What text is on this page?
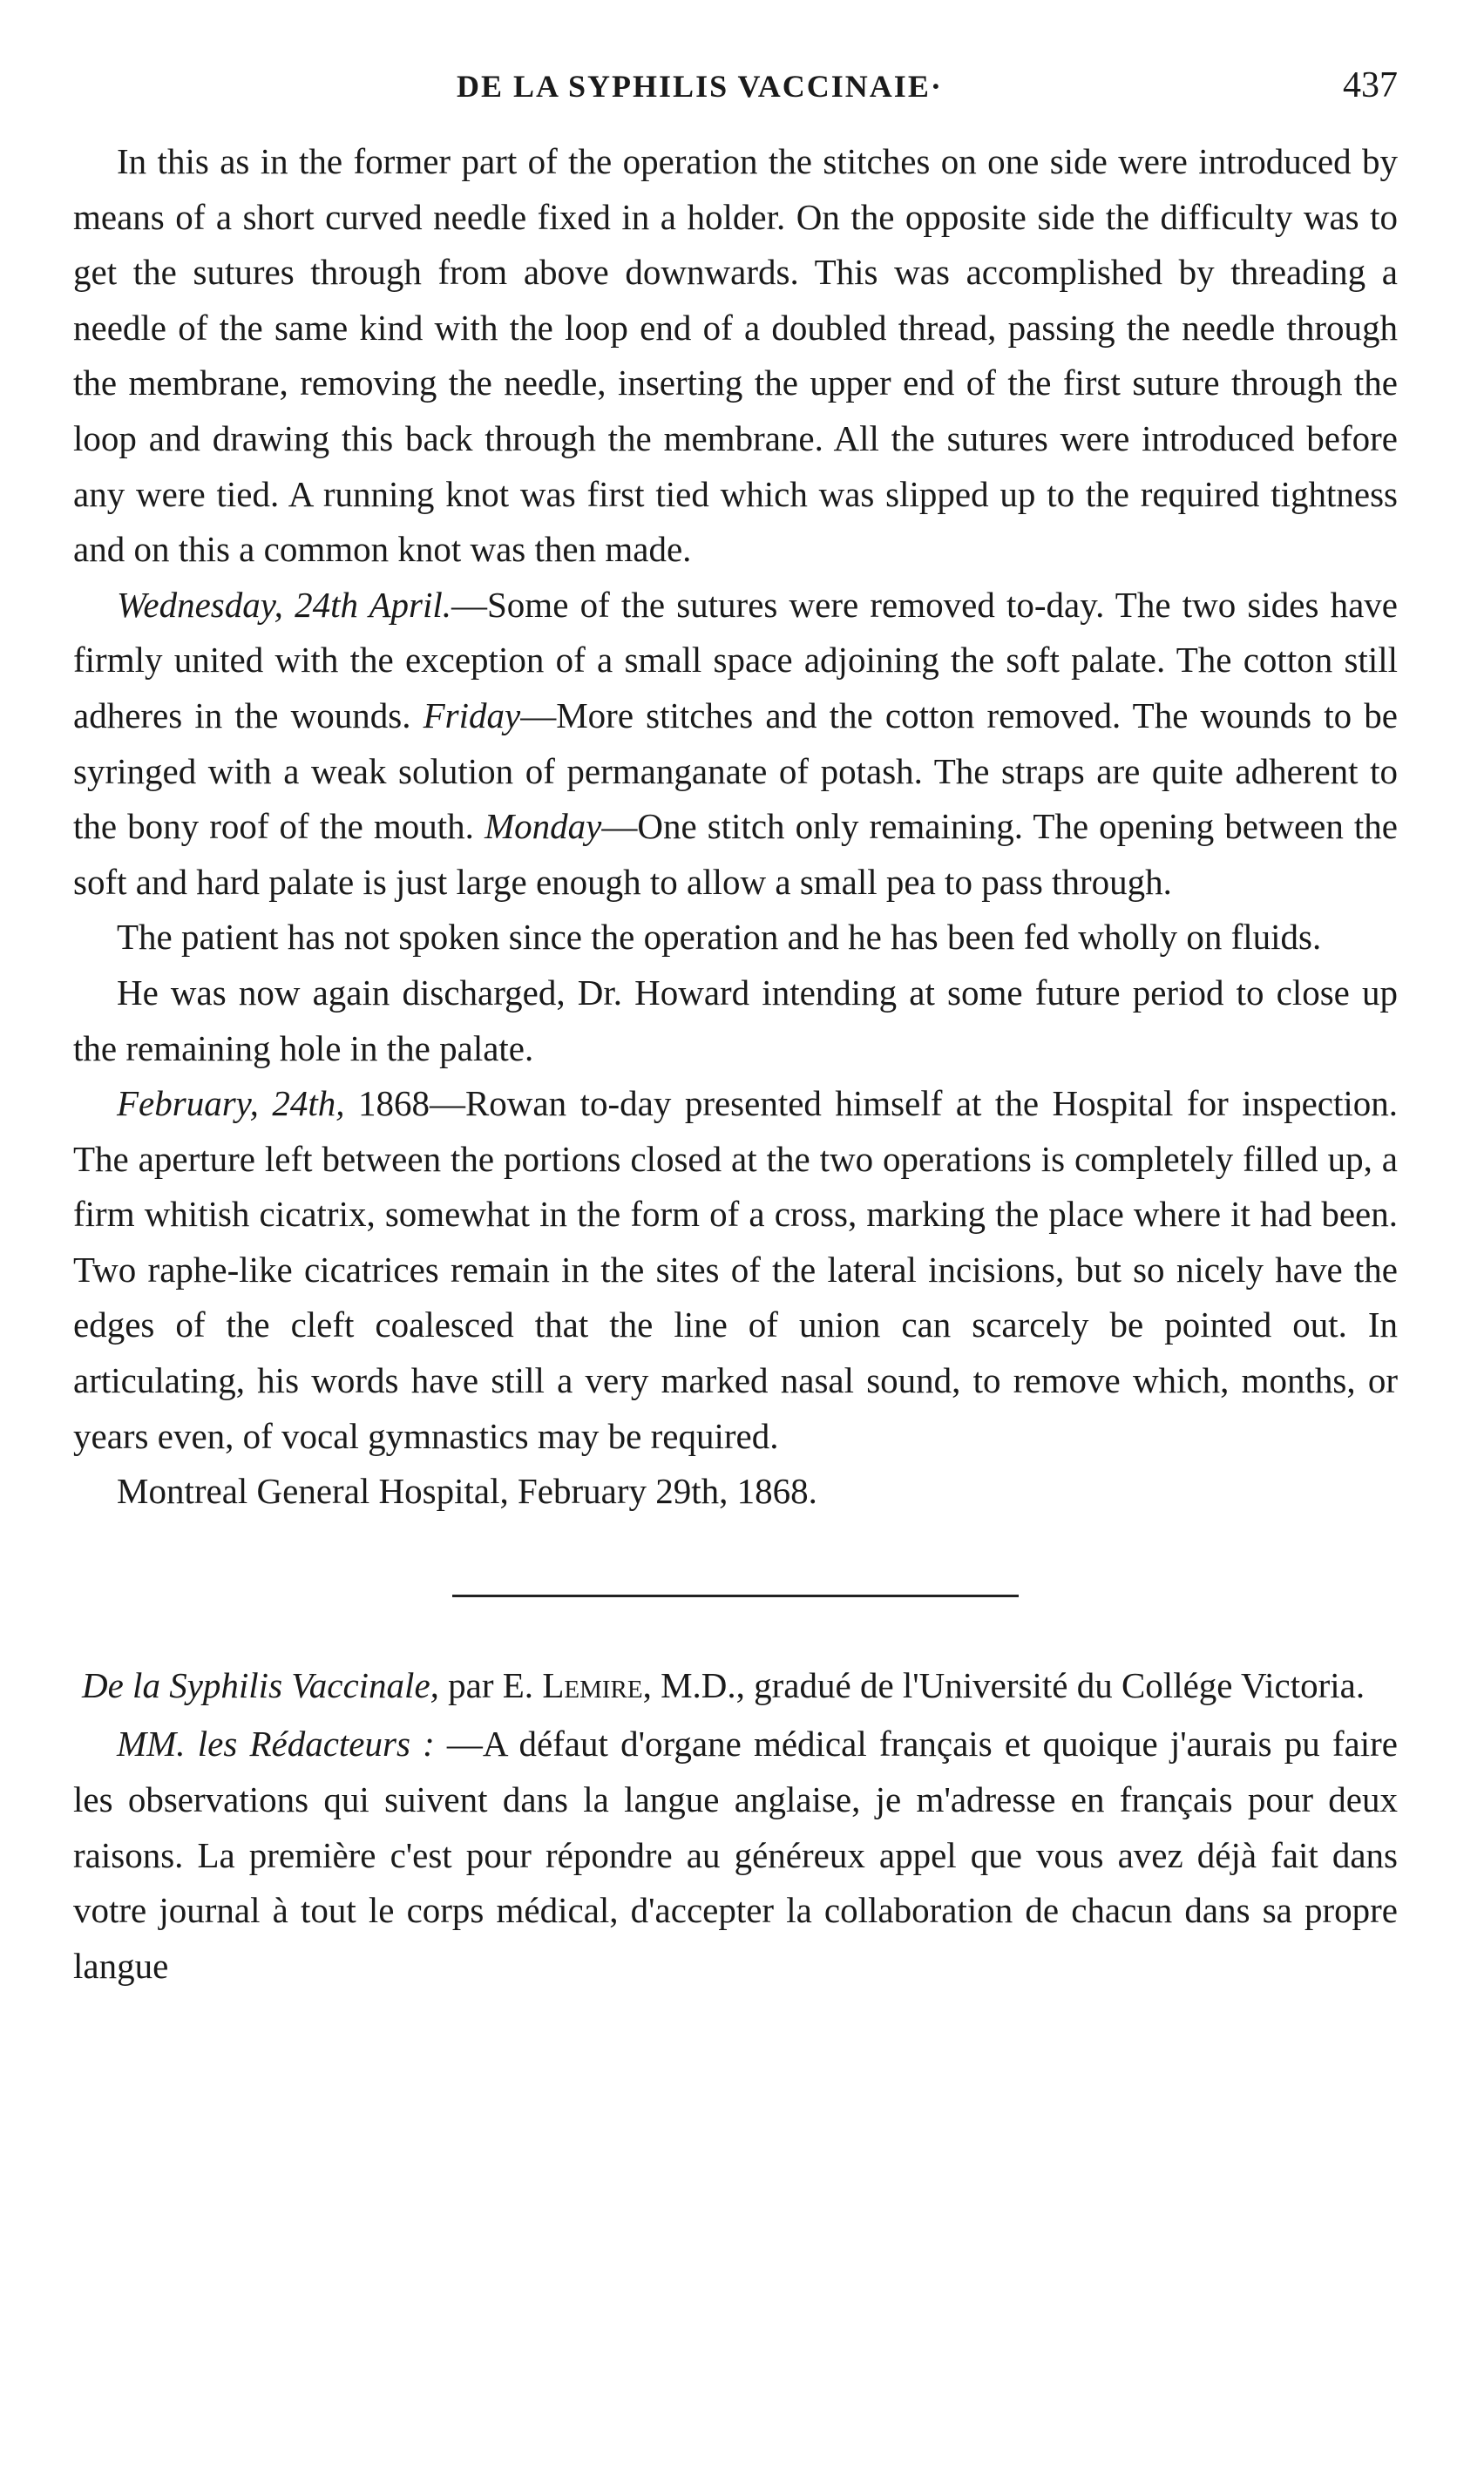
DE LA SYPHILIS VACCINAIE·	437

In this as in the former part of the operation the stitches on one side were introduced by means of a short curved needle fixed in a holder. On the opposite side the difficulty was to get the sutures through from above downwards. This was accomplished by threading a needle of the same kind with the loop end of a doubled thread, passing the needle through the membrane, removing the needle, inserting the upper end of the first suture through the loop and drawing this back through the membrane. All the sutures were introduced before any were tied. A running knot was first tied which was slipped up to the required tightness and on this a common knot was then made.

Wednesday, 24th April.—Some of the sutures were removed to-day. The two sides have firmly united with the exception of a small space adjoining the soft palate. The cotton still adheres in the wounds. Friday—More stitches and the cotton removed. The wounds to be syringed with a weak solution of permanganate of potash. The straps are quite adherent to the bony roof of the mouth. Monday—One stitch only remaining. The opening between the soft and hard palate is just large enough to allow a small pea to pass through.

The patient has not spoken since the operation and he has been fed wholly on fluids.

He was now again discharged, Dr. Howard intending at some future period to close up the remaining hole in the palate.

February, 24th, 1868—Rowan to-day presented himself at the Hospital for inspection. The aperture left between the portions closed at the two operations is completely filled up, a firm whitish cicatrix, somewhat in the form of a cross, marking the place where it had been. Two raphe-like cicatrices remain in the sites of the lateral incisions, but so nicely have the edges of the cleft coalesced that the line of union can scarcely be pointed out. In articulating, his words have still a very marked nasal sound, to remove which, months, or years even, of vocal gymnastics may be required.

Montreal General Hospital, February 29th, 1868.

De la Syphilis Vaccinale, par E. Lemire, M.D., gradué de l'Université du Collége Victoria.

MM. les Rédacteurs : —A défaut d'organe médical français et quoique j'aurais pu faire les observations qui suivent dans la langue anglaise, je m'adresse en français pour deux raisons. La première c'est pour répondre au généreux appel que vous avez déjà fait dans votre journal à tout le corps médical, d'accepter la collaboration de chacun dans sa propre langue
